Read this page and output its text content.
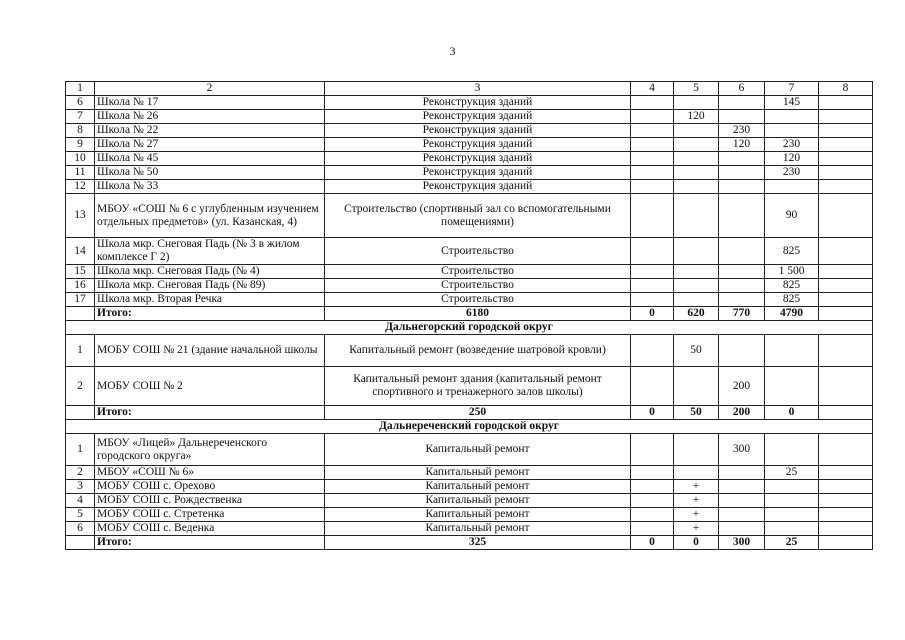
3
1	2	3	4	5	6	7	8
6	Школа № 17	Реконструкция зданий				145	
7	Школа № 26	Реконструкция зданий		120			
8	Школа № 22	Реконструкция зданий			230		
9	Школа № 27	Реконструкция зданий			120	230	
10	Школа № 45	Реконструкция зданий				120	
11	Школа № 50	Реконструкция зданий				230	
12	Школа № 33	Реконструкция зданий					
13	МБОУ «СОШ № 6 с углубленным изучением отдельных предметов» (ул. Казанская, 4)	Строительство (спортивный зал со вспомогательными помещениями)				90	
14	Школа мкр. Снеговая Падь (№ 3 в жилом комплексе Г 2)	Строительство				825	
15	Школа мкр. Снеговая Падь (№ 4)	Строительство				1 500	
16	Школа мкр. Снеговая Падь (№ 89)	Строительство				825	
17	Школа мкр. Вторая Речка	Строительство				825	
	Итого:	6180	0	620	770	4790	
Дальнегорский городской округ							
1	МОБУ СОШ № 21 (здание начальной школы	Капитальный ремонт (возведение шатровой кровли)		50			
2	МОБУ СОШ № 2	Капитальный ремонт здания (капитальный ремонт спортивного и тренажерного залов школы)			200		
	Итого:	250	0	50	200	0	
Дальнереченский городской округ							
1	МБОУ «Лицей» Дальнереченского городского округа»	Капитальный ремонт			300		
2	МБОУ «СОШ № 6»	Капитальный ремонт				25	
3	МОБУ СОШ с. Орехово	Капитальный ремонт		+			
4	МОБУ СОШ с. Рождественка	Капитальный ремонт		+			
5	МОБУ СОШ с. Стретенка	Капитальный ремонт		+			
6	МОБУ СОШ с. Веденка	Капитальный ремонт		+			
	Итого:	325	0	0	300	25	
